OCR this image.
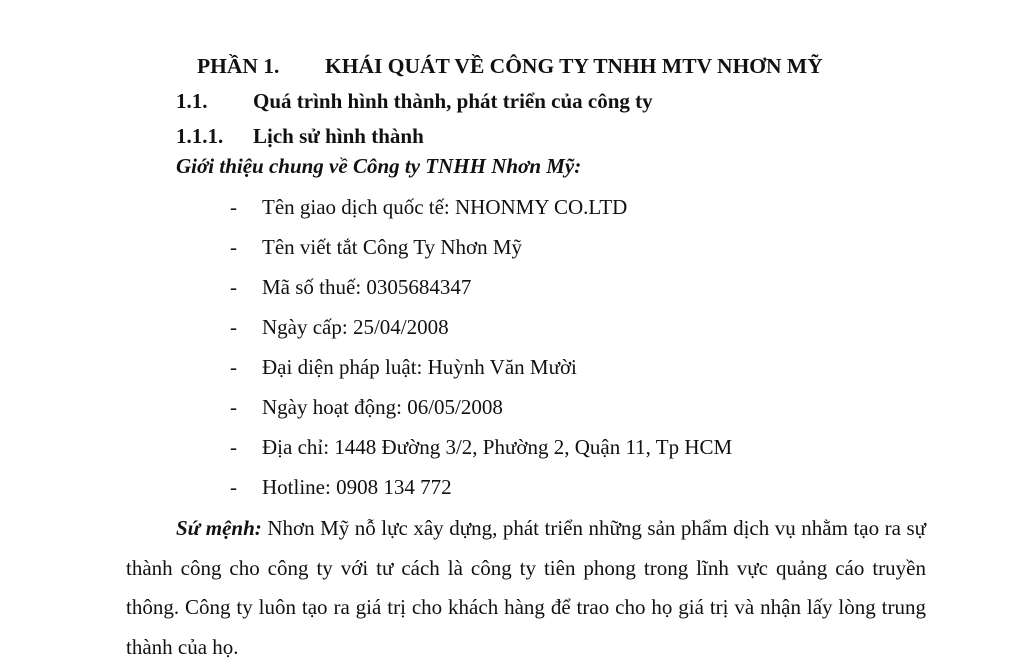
PHẦN 1. KHÁI QUÁT VỀ CÔNG TY TNHH MTV NHƠN MỸ
1.1. Quá trình hình thành, phát triển của công ty
1.1.1. Lịch sử hình thành
Giới thiệu chung về Công ty TNHH Nhơn Mỹ:
- Tên giao dịch quốc tế: NHONMY CO.LTD
- Tên viết tắt Công Ty Nhơn Mỹ
- Mã số thuế: 0305684347
- Ngày cấp: 25/04/2008
- Đại diện pháp luật: Huỳnh Văn Mười
- Ngày hoạt động: 06/05/2008
- Địa chỉ: 1448 Đường 3/2, Phường 2, Quận 11, Tp HCM
- Hotline: 0908 134 772

Sứ mệnh: Nhơn Mỹ nỗ lực xây dựng, phát triển những sản phẩm dịch vụ nhằm tạo ra sự thành công cho công ty với tư cách là công ty tiên phong trong lĩnh vực quảng cáo truyền thông. Công ty luôn tạo ra giá trị cho khách hàng để trao cho họ giá trị và nhận lấy lòng trung thành của họ.
